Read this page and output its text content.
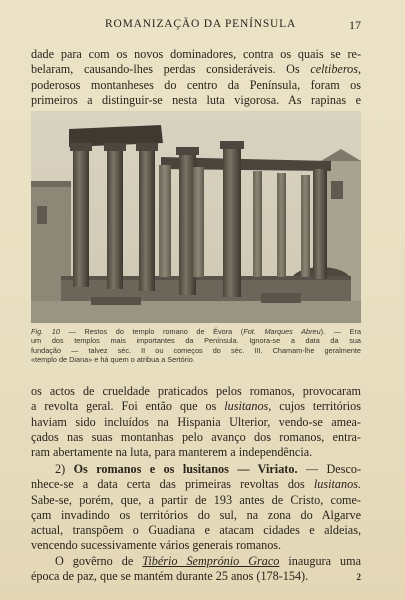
ROMANIZAÇÃO DA PENÍNSULA	17
dade para com os novos dominadores, contra os quais se re-
belaram, causando-lhes perdas consideráveis. Os celtiberos,
poderosos montanheses do centro da Península, foram os
primeiros a distinguir-se nesta luta vigorosa. As rapinas e
Fig. 10 — Restos do templo romano de Évora (Fot. Marques Abreu). — Era
um dos templos mais importantes da Península. Ignora-se a data da sua
fundação — talvez séc. II ou começos do séc. III. Chamam-lhe geralmente
«templo de Diana» e há quem o atribua a Sertório.
os actos de crueldade praticados pelos romanos, provocaram
a revolta geral. Foi então que os lusitanos, cujos territórios
haviam sido incluídos na Hispania Ulterior, vendo-se amea-
çados nas suas montanhas pelo avanço dos romanos, entra-
ram abertamente na luta, para manterem a independência.
2) Os romanos e os lusitanos — Viriato. — Desco-
nhece-se a data certa das primeiras revoltas dos lusitanos.
Sabe-se, porém, que, a partir de 193 antes de Cristo, come-
çam invadindo os territórios do sul, na zona do Algarve
actual, transpõem o Guadiana e atacam cidades e aldeias,
vencendo sucessivamente vários generais romanos.
O govêrno de Tibério Semprónio Graco inaugura uma
época de paz, que se mantém durante 25 anos (178-154).	2
